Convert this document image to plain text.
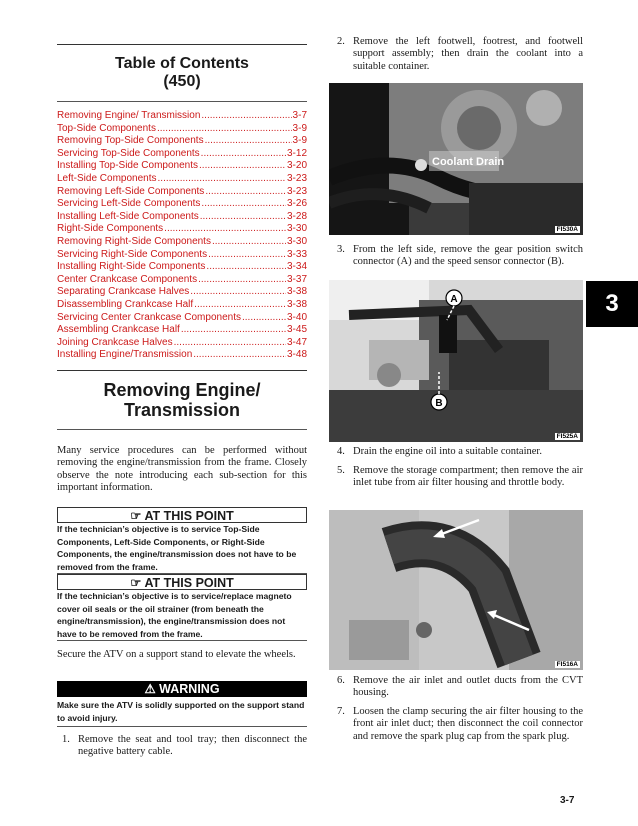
Table of Contents
(450)
Removing Engine/ Transmission .....	3-7
Top-Side Components .....	3-9
Removing Top-Side Components .....	3-9
Servicing Top-Side Components .....	3-12
Installing Top-Side Components .....	3-20
Left-Side Components .....	3-23
Removing Left-Side Components .....	3-23
Servicing Left-Side Components .....	3-26
Installing Left-Side Components .....	3-28
Right-Side Components .....	3-30
Removing Right-Side Components .....	3-30
Servicing Right-Side Components .....	3-33
Installing Right-Side Components .....	3-34
Center Crankcase Components .....	3-37
Separating Crankcase Halves .....	3-38
Disassembling Crankcase Half .....	3-38
Servicing Center Crankcase Components .....	3-40
Assembling Crankcase Half .....	3-45
Joining Crankcase Halves .....	3-47
Installing Engine/Transmission .....	3-48
Removing Engine/
Transmission

Many service procedures can be performed without removing the engine/transmission from the frame. Closely observe the note introducing each sub-section for this important information.

☞ AT THIS POINT
If the technician’s objective is to service Top-Side Components, Left-Side Components, or Right-Side Components, the engine/transmission does not have to be removed from the frame.
☞ AT THIS POINT
If the technician’s objective is to service/replace magneto cover oil seals or the oil strainer (from beneath the engine/transmission), the engine/transmission does not have to be removed from the frame.

Secure the ATV on a support stand to elevate the wheels.

⚠ WARNING
Make sure the ATV is solidly supported on the support stand to avoid injury.
1. Remove the seat and tool tray; then disconnect the negative battery cable.
2. Remove the left footwell, footrest, and footwell support assembly; then drain the coolant into a suitable container.
Coolant Drain
FI530A
3. From the left side, remove the gear position switch connector (A) and the speed sensor connector (B).
A
B
FI525A
4. Drain the engine oil into a suitable container.
5. Remove the storage compartment; then remove the air inlet tube from air filter housing and throttle body.
FI516A
6. Remove the air inlet and outlet ducts from the CVT housing.
7. Loosen the clamp securing the air filter housing to the front air inlet duct; then disconnect the coil connector and remove the spark plug cap from the spark plug.
3
3-7
